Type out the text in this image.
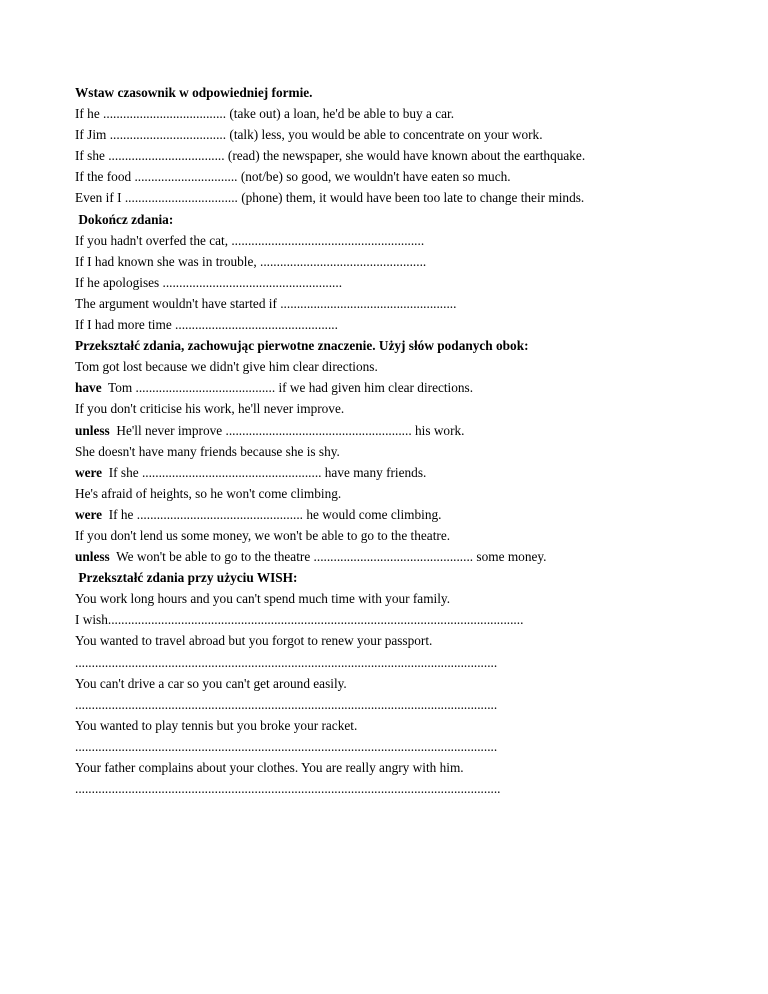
Wstaw czasownik w odpowiedniej formie.
If he ..................................... (take out) a loan, he'd be able to buy a car.
If Jim ................................... (talk) less, you would be able to concentrate on your work.
If she ................................... (read) the newspaper, she would have known about the earthquake.
If the food ............................... (not/be) so good, we wouldn't have eaten so much.
Even if I .................................. (phone) them, it would have been too late to change their minds.
Dokończ zdania:
If you hadn't overfed the cat, ..........................................................
If I had known she was in trouble, ..................................................
If he apologises ......................................................
The argument wouldn't have started if .....................................................
If I had more time .................................................
Przekształć zdania, zachowując pierwotne znaczenie. Użyj słów podanych obok:
Tom got lost because we didn't give him clear directions.
have  Tom .......................................... if we had given him clear directions.
If you don't criticise his work, he'll never improve.
unless  He'll never improve ........................................................ his work.
She doesn't have many friends because she is shy.
were  If she ...................................................... have many friends.
He's afraid of heights, so he won't come climbing.
were  If he .................................................. he would come climbing.
If you don't lend us some money, we won't be able to go to the theatre.
unless  We won't be able to go to the theatre ................................................ some money.
Przekształć zdania przy użyciu WISH:
You work long hours and you can't spend much time with your family.
I wish.............................................................................................................................
You wanted to travel abroad but you forgot to renew your passport.
...............................................................................................................................
You can't drive a car so you can't get around easily.
...............................................................................................................................
You wanted to play tennis but you broke your racket.
...............................................................................................................................
Your father complains about your clothes. You are really angry with him.
................................................................................................................................
